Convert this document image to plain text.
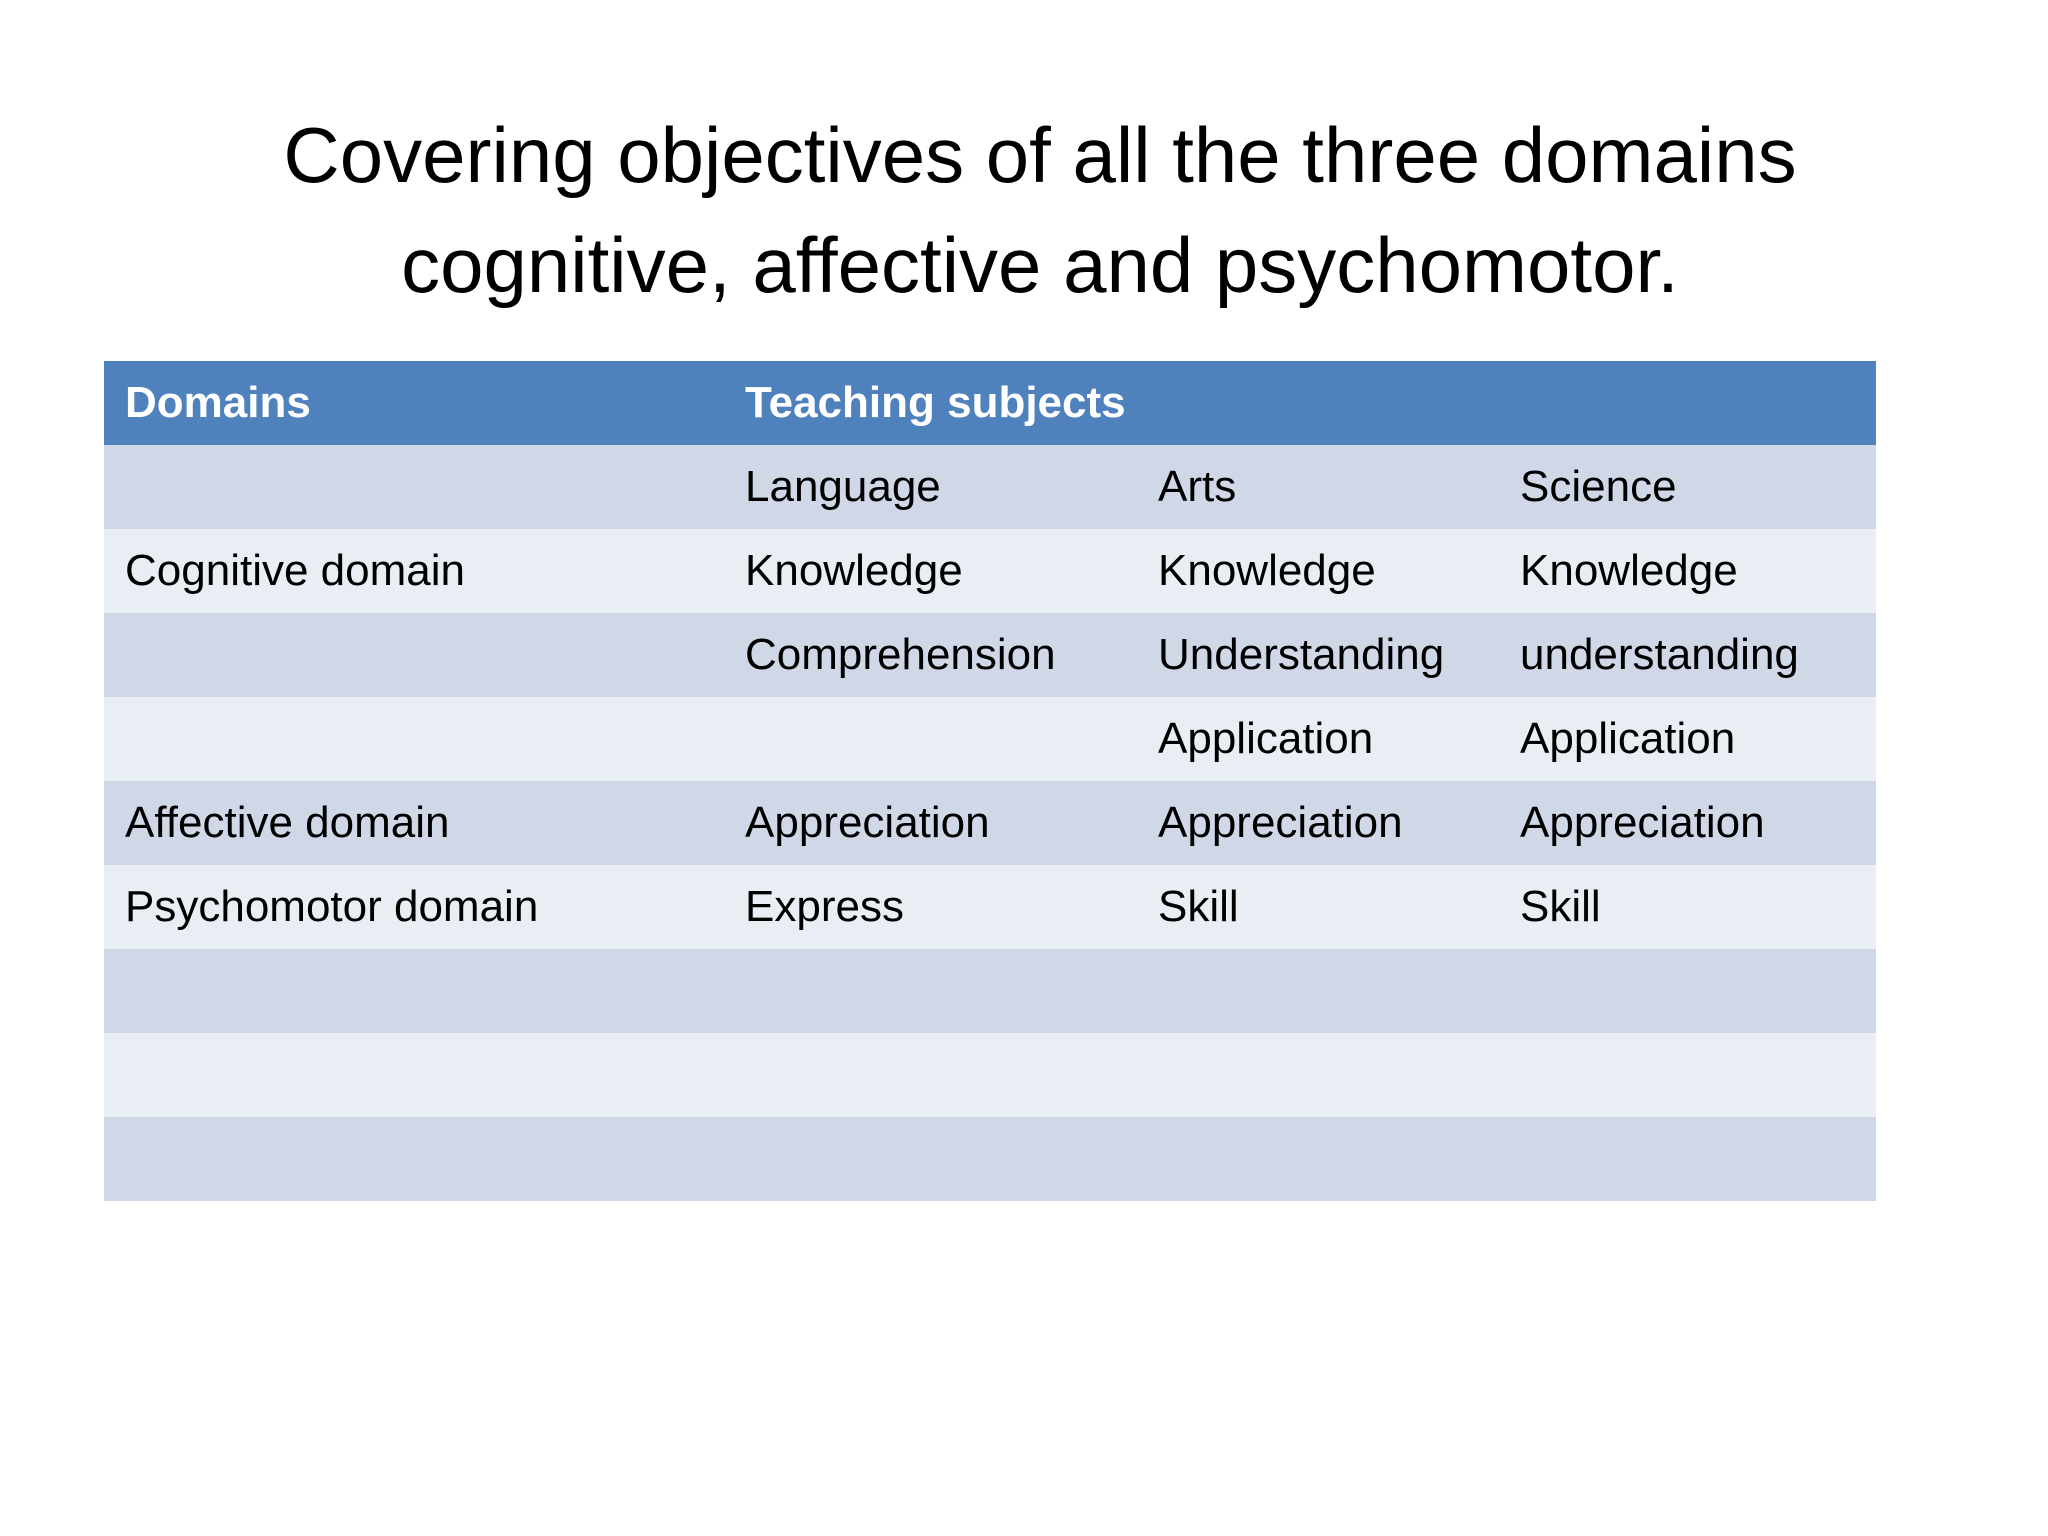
Covering objectives of all the three domains
cognitive, affective and psychomotor.
Domains	Teaching subjects		
	Language	Arts	Science
Cognitive domain	Knowledge	Knowledge	Knowledge
	Comprehension	Understanding	understanding
		Application	Application
Affective domain	Appreciation	Appreciation	Appreciation
Psychomotor domain	Express	Skill	Skill
